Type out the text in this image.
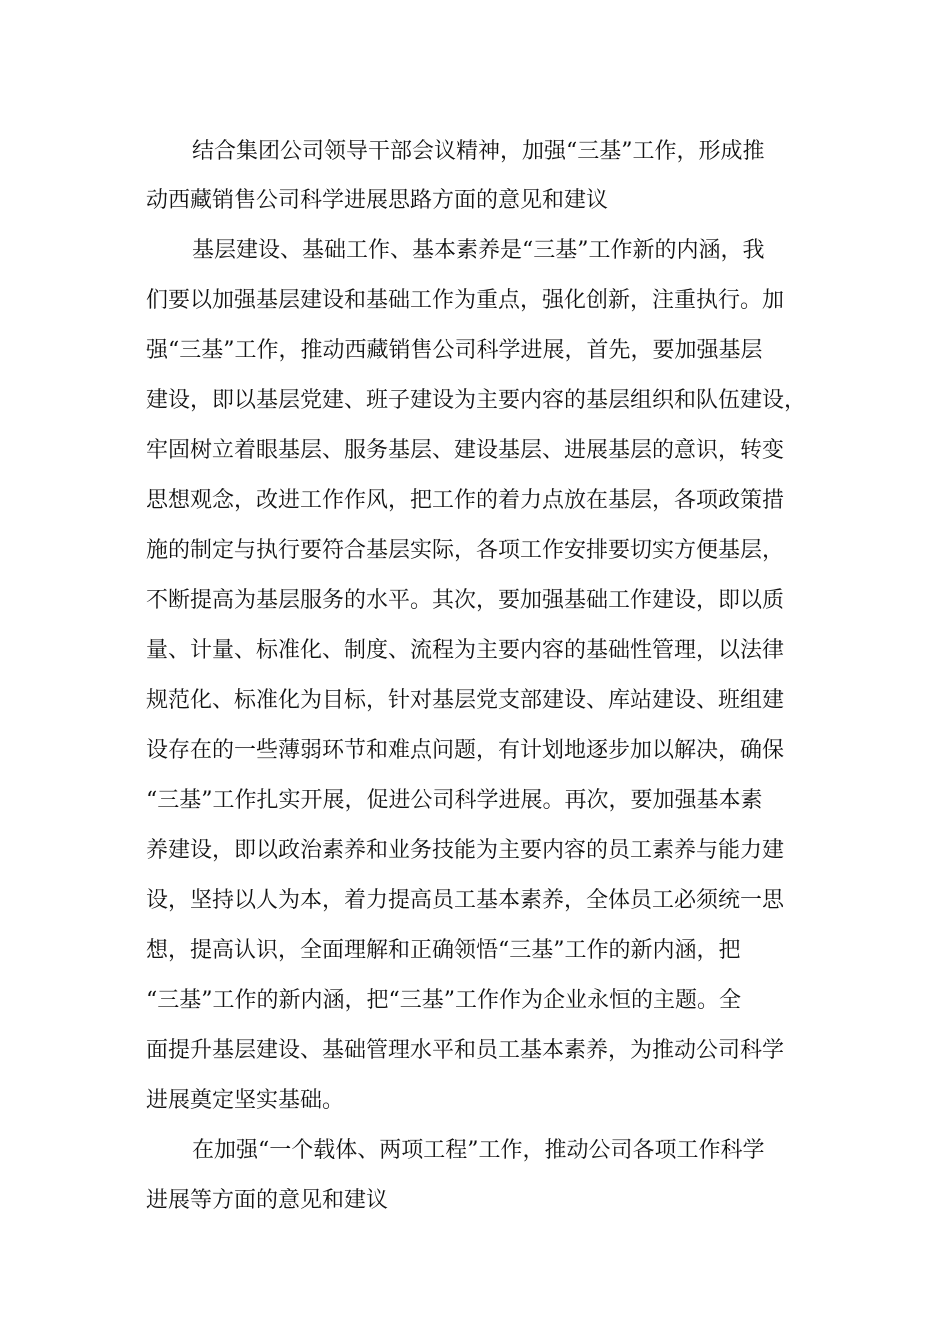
结合集团公司领导干部会议精神，加强“三基”工作，形成推
动西藏销售公司科学进展思路方面的意见和建议
基层建设、基础工作、基本素养是“三基”工作新的内涵，我
们要以加强基层建设和基础工作为重点，强化创新，注重执行。加
强“三基”工作，推动西藏销售公司科学进展，首先，要加强基层
建设，即以基层党建、班子建设为主要内容的基层组织和队伍建设，
牢固树立着眼基层、服务基层、建设基层、进展基层的意识，转变
思想观念，改进工作作风，把工作的着力点放在基层，各项政策措
施的制定与执行要符合基层实际，各项工作安排要切实方便基层，
不断提高为基层服务的水平。其次，要加强基础工作建设，即以质
量、计量、标准化、制度、流程为主要内容的基础性管理，以法律
规范化、标准化为目标，针对基层党支部建设、库站建设、班组建
设存在的一些薄弱环节和难点问题，有计划地逐步加以解决，确保
“三基”工作扎实开展，促进公司科学进展。再次，要加强基本素
养建设，即以政治素养和业务技能为主要内容的员工素养与能力建
设，坚持以人为本，着力提高员工基本素养，全体员工必须统一思
想，提高认识，全面理解和正确领悟“三基”工作的新内涵，把
“三基”工作的新内涵，把“三基”工作作为企业永恒的主题。全
面提升基层建设、基础管理水平和员工基本素养，为推动公司科学
进展奠定坚实基础。
在加强“一个载体、两项工程”工作，推动公司各项工作科学
进展等方面的意见和建议
